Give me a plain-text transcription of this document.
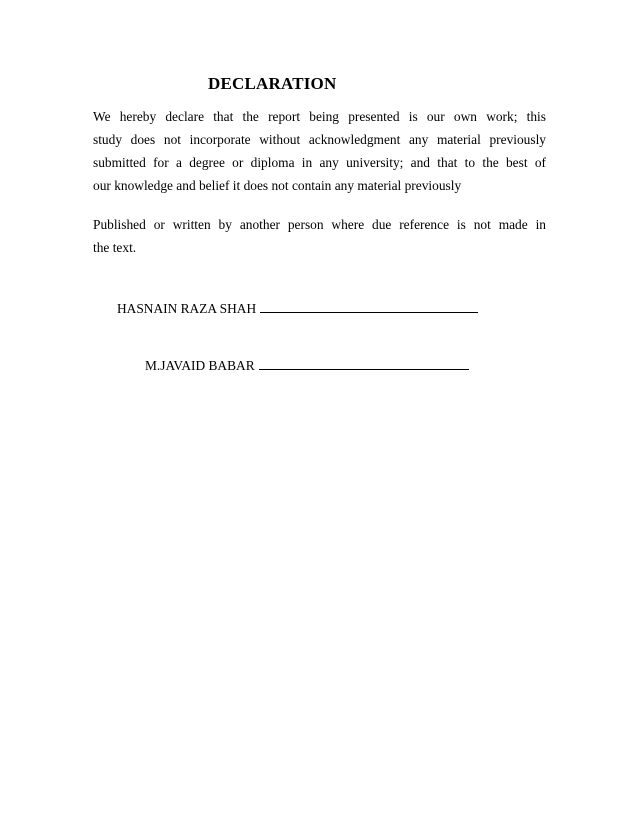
DECLARATION

We hereby declare that the report being presented is our own work; this
study does not incorporate without acknowledgment any material previously
submitted for a degree or diploma in any university; and that to the best of
our knowledge and belief it does not contain any material previously

Published or written by another person where due reference is not made in
the text.

HASNAIN RAZA SHAH
M.JAVAID BABAR
